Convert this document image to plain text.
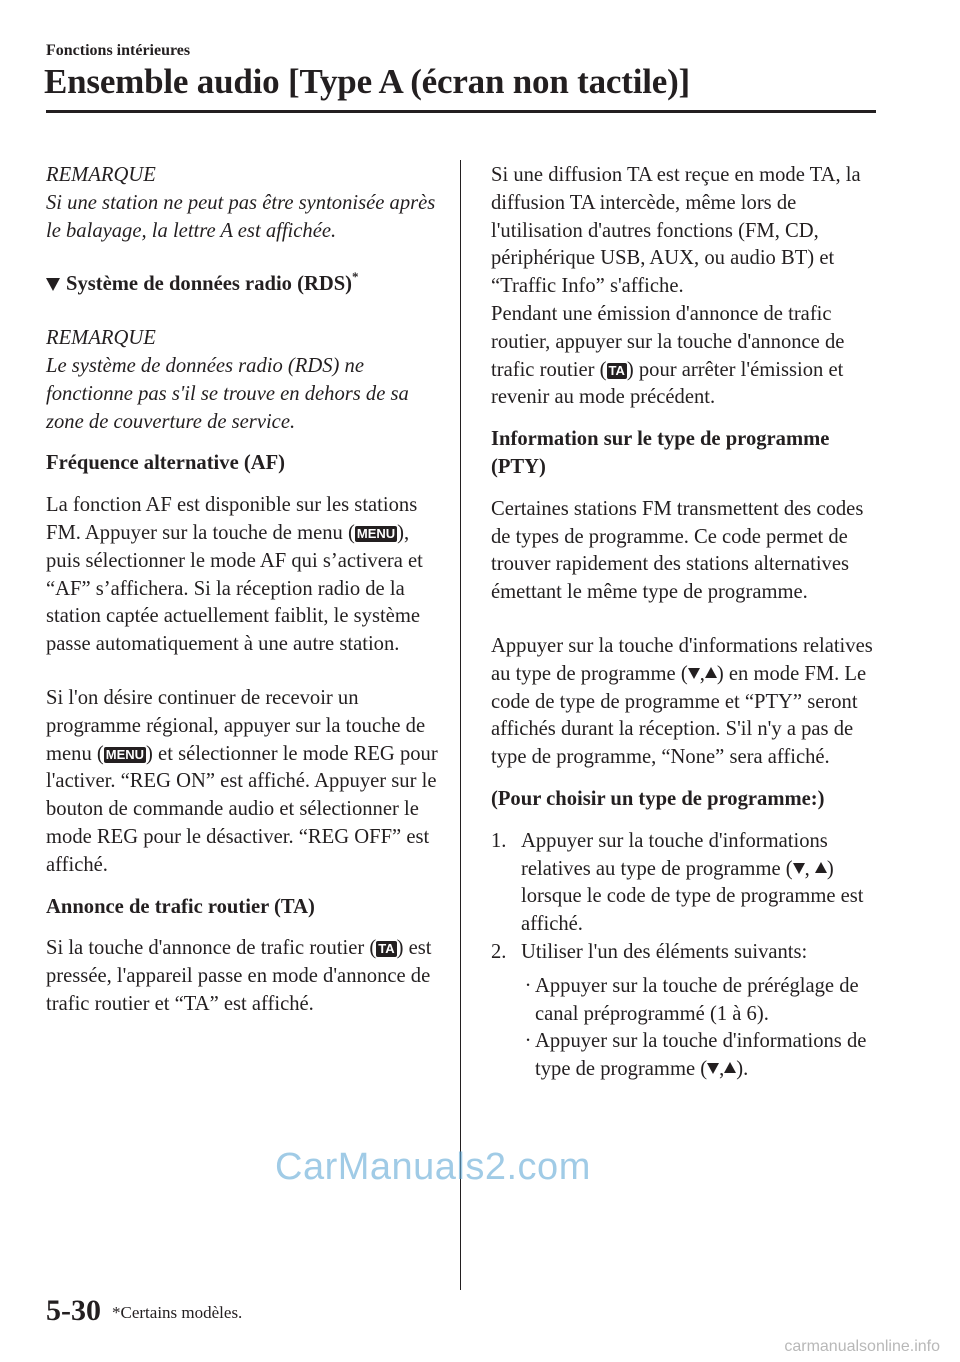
Fonctions intérieures
Ensemble audio [Type A (écran non tactile)]

REMARQUE

Si une station ne peut pas être syntonisée après le balayage, la lettre A est affichée.

Système de données radio (RDS)*

REMARQUE

Le système de données radio (RDS) ne fonctionne pas s'il se trouve en dehors de sa zone de couverture de service.

Fréquence alternative (AF)

La fonction AF est disponible sur les stations FM. Appuyer sur la touche de menu ( MENU), puis sélectionner le mode AF qui s’activera et “AF” s’affichera. Si la réception radio de la station captée actuellement faiblit, le système passe automatiquement à une autre station.

Si l'on désire continuer de recevoir un programme régional, appuyer sur la touche de menu ( MENU) et sélectionner le mode REG pour l'activer. “REG ON” est affiché. Appuyer sur le bouton de commande audio et sélectionner le mode REG pour le désactiver. “REG OFF” est affiché.

Annonce de trafic routier (TA)

Si la touche d'annonce de trafic routier ( TA) est pressée, l'appareil passe en mode d'annonce de trafic routier et “TA” est affiché.

Si une diffusion TA est reçue en mode TA, la diffusion TA intercède, même lors de l'utilisation d'autres fonctions (FM, CD, périphérique USB, AUX, ou audio BT) et “Traffic Info” s'affiche.

Pendant une émission d'annonce de trafic routier, appuyer sur la touche d'annonce de trafic routier ( TA) pour arrêter l'émission et revenir au mode précédent.

Information sur le type de programme (PTY)

Certaines stations FM transmettent des codes de types de programme. Ce code permet de trouver rapidement des stations alternatives émettant le même type de programme.

Appuyer sur la touche d'informations relatives au type de programme ( , ) en mode FM. Le code de type de programme et “PTY” seront affichés durant la réception. S'il n'y a pas de type de programme, “None” sera affiché.

(Pour choisir un type de programme:)

1. Appuyer sur la touche d'informations relatives au type de programme ( , ) lorsque le code de type de programme est affiché.
2. Utiliser l'un des éléments suivants:
· Appuyer sur la touche de préréglage de canal préprogrammé (1 à 6).
· Appuyer sur la touche d'informations de type de programme ( , ).
CarManuals2.com
5-30 *Certains modèles.
carmanualsonline.info
